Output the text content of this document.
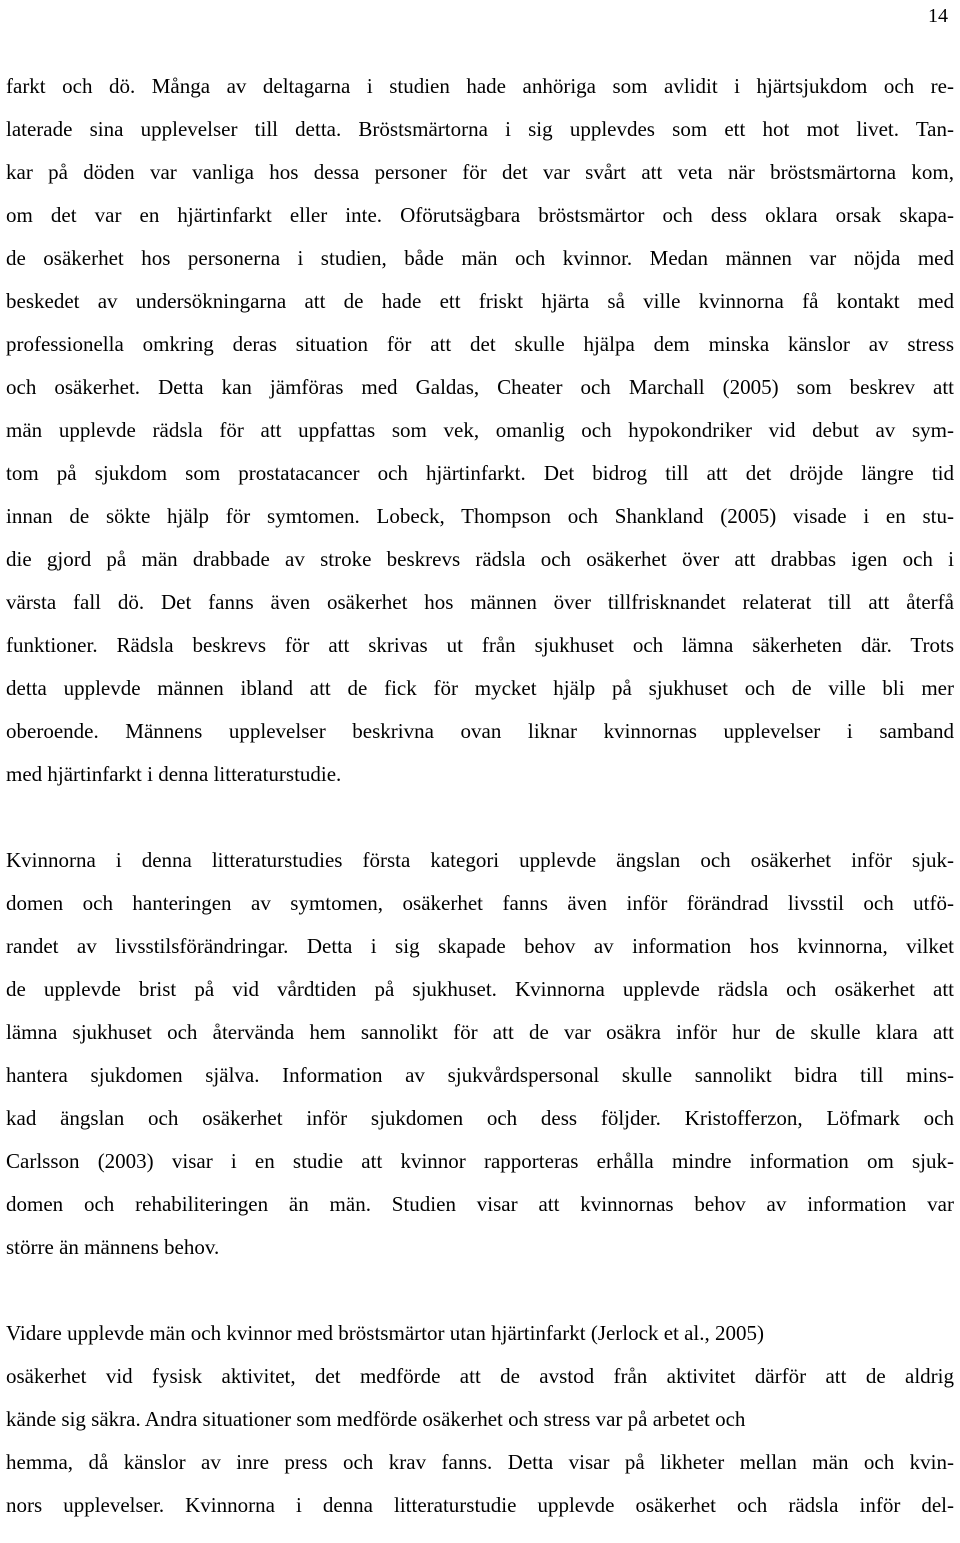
14

farkt och dö. Många av deltagarna i studien hade anhöriga som avlidit i hjärtsjukdom och re-

laterade sina upplevelser till detta. Bröstsmärtorna i sig upplevdes som ett hot mot livet. Tan-

kar på döden var vanliga hos dessa personer för det var svårt att veta när bröstsmärtorna kom,

om det var en hjärtinfarkt eller inte. Oförutsägbara bröstsmärtor och dess oklara orsak skapa-

de osäkerhet hos personerna i studien, både män och kvinnor. Medan männen var nöjda med

beskedet av undersökningarna att de hade ett friskt hjärta så ville kvinnorna få kontakt med

professionella omkring deras situation för att det skulle hjälpa dem minska känslor av stress

och osäkerhet. Detta kan jämföras med Galdas, Cheater och Marchall (2005) som beskrev att

män upplevde rädsla för att uppfattas som vek, omanlig och hypokondriker vid debut av sym-

tom på sjukdom som prostatacancer och hjärtinfarkt. Det bidrog till att det dröjde längre tid

innan de sökte hjälp för symtomen. Lobeck, Thompson och Shankland (2005) visade i en stu-

die gjord på män drabbade av stroke beskrevs rädsla och osäkerhet över att drabbas igen och i

värsta fall dö. Det fanns även osäkerhet hos männen över tillfrisknandet relaterat till att återfå

funktioner. Rädsla beskrevs för att skrivas ut från sjukhuset och lämna säkerheten där. Trots

detta upplevde männen ibland att de fick för mycket hjälp på sjukhuset och de ville bli mer

oberoende. Männens upplevelser beskrivna ovan liknar kvinnornas upplevelser i samband

med hjärtinfarkt i denna litteraturstudie.

Kvinnorna i denna litteraturstudies första kategori upplevde ängslan och osäkerhet inför sjuk-

domen och hanteringen av symtomen, osäkerhet fanns även inför förändrad livsstil och utfö-

randet av livsstilsförändringar. Detta i sig skapade behov av information hos kvinnorna, vilket

de upplevde brist på vid vårdtiden på sjukhuset. Kvinnorna upplevde rädsla och osäkerhet att

lämna sjukhuset och återvända hem sannolikt för att de var osäkra inför hur de skulle klara att

hantera sjukdomen själva. Information av sjukvårdspersonal skulle sannolikt bidra till mins-

kad ängslan och osäkerhet inför sjukdomen och dess följder. Kristofferzon, Löfmark och

Carlsson (2003) visar i en studie att kvinnor rapporteras erhålla mindre information om sjuk-

domen och rehabiliteringen än män. Studien visar att kvinnornas behov av information var

större än männens behov.

Vidare upplevde män och kvinnor med bröstsmärtor utan hjärtinfarkt (Jerlock et al., 2005)

osäkerhet vid fysisk aktivitet, det medförde att de avstod från aktivitet därför att de aldrig

kände sig säkra. Andra situationer som medförde osäkerhet och stress var på arbetet och

hemma, då känslor av inre press och krav fanns. Detta visar på likheter mellan män och kvin-

nors upplevelser. Kvinnorna i denna litteraturstudie upplevde osäkerhet och rädsla inför del-
